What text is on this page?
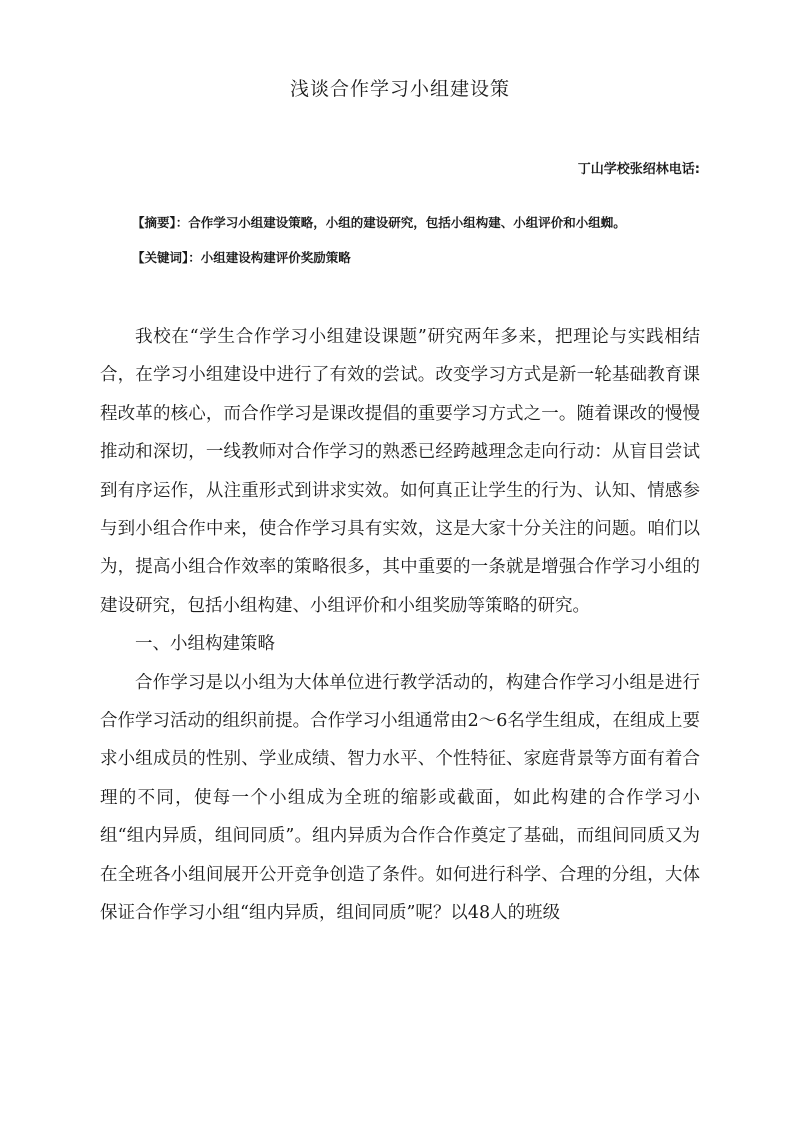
浅谈合作学习小组建设策
丁山学校张绍林电话:
【摘要】：合作学习小组建设策略，小组的建设研究，包括小组构建、小组评价和小组蜘。
【关键词】：小组建设构建评价奖励策略

我校在“学生合作学习小组建设课题”研究两年多来，把理论与实践相结合，在学习小组建设中进行了有效的尝试。改变学习方式是新一轮基础教育课程改革的核心，而合作学习是课改提倡的重要学习方式之一。随着课改的慢慢推动和深切，一线教师对合作学习的熟悉已经跨越理念走向行动：从盲目尝试到有序运作，从注重形式到讲求实效。如何真正让学生的行为、认知、情感参与到小组合作中来，使合作学习具有实效，这是大家十分关注的问题。咱们以为，提高小组合作效率的策略很多，其中重要的一条就是增强合作学习小组的建设研究，包括小组构建、小组评价和小组奖励等策略的研究。

一、小组构建策略

合作学习是以小组为大体单位进行教学活动的，构建合作学习小组是进行合作学习活动的组织前提。合作学习小组通常由2～6名学生组成，在组成上要求小组成员的性别、学业成绩、智力水平、个性特征、家庭背景等方面有着合理的不同，使每一个小组成为全班的缩影或截面，如此构建的合作学习小组“组内异质，组间同质”。组内异质为合作合作奠定了基础，而组间同质又为在全班各小组间展开公开竞争创造了条件。如何进行科学、合理的分组，大体保证合作学习小组“组内异质，组间同质”呢？以48人的班级
